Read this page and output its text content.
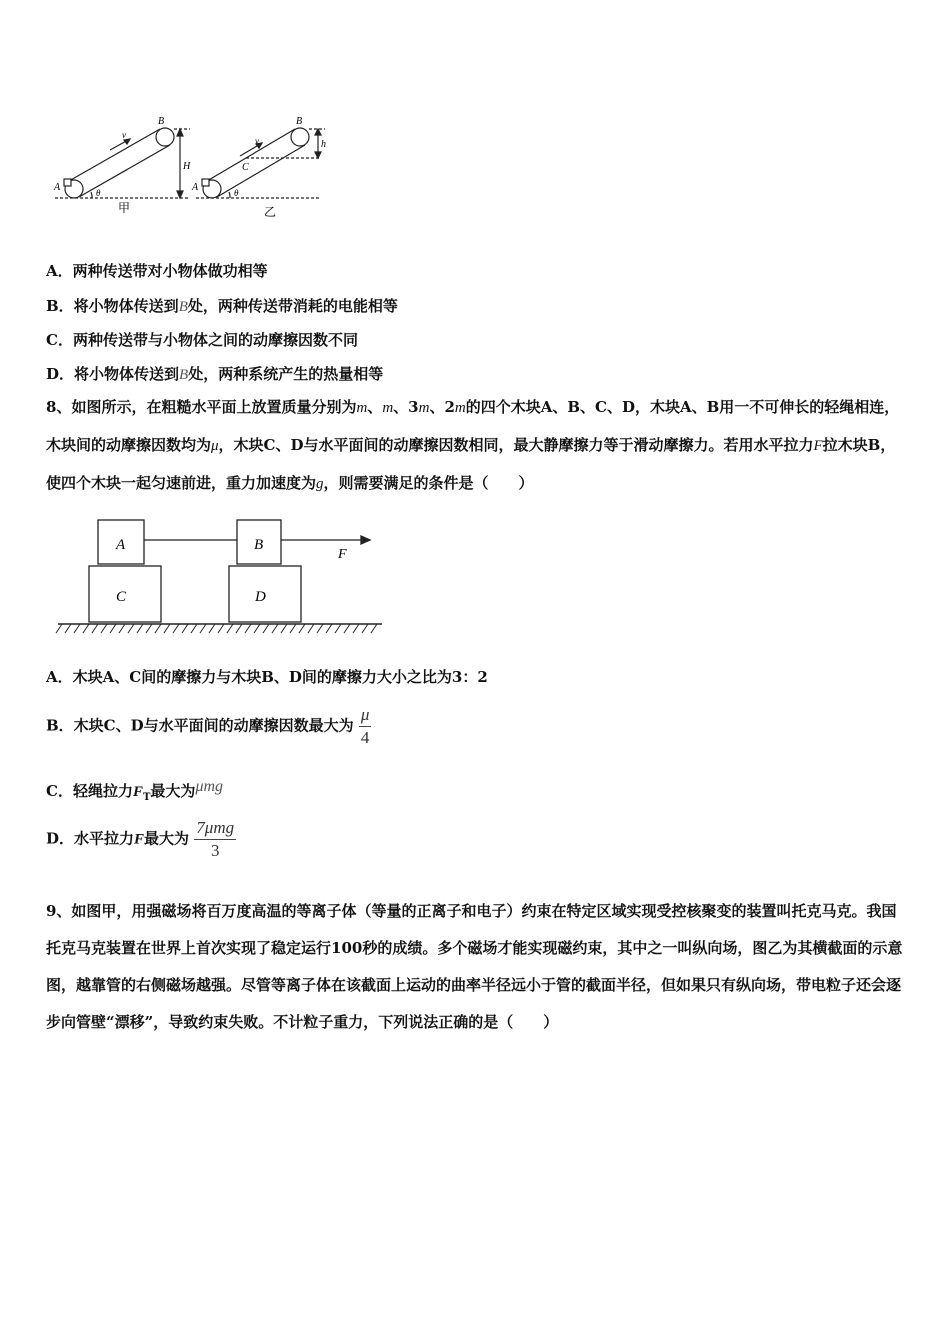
B
A
v
H
θ
甲
B
A
C
v	h
θ
乙
A．两种传送带对小物体做功相等
B．将小物体传送到B处，两种传送带消耗的电能相等
C．两种传送带与小物体之间的动摩擦因数不同
D．将小物体传送到B处，两种系统产生的热量相等
8、如图所示，在粗糙水平面上放置质量分别为m、m、3m、2m的四个木块A、B、C、D，木块A、B用一不可伸长的轻绳相连，木块间的动摩擦因数均为μ，木块C、D与水平面间的动摩擦因数相同，最大静摩擦力等于滑动摩擦力。若用水平拉力F拉木块B，使四个木块一起匀速前进，重力加速度为g，则需要满足的条件是（　　）
A	B
C	D
F
A．木块A、C间的摩擦力与木块B、D间的摩擦力大小之比为3：2
B．木块C、D与水平面间的动摩擦因数最大为 $\frac{\mu}{4}$
C．轻绳拉力$F_T$最大为μmg
D．水平拉力F最大为 $\frac{\text{7μmg}}{3}$
9、如图甲，用强磁场将百万度高温的等离子体（等量的正离子和电子）约束在特定区域实现受控核聚变的装置叫托克马克。我国托克马克装置在世界上首次实现了稳定运行100秒的成绩。多个磁场才能实现磁约束，其中之一叫纵向场，图乙为其横截面的示意图，越靠管的右侧磁场越强。尽管等离子体在该截面上运动的曲率半径远小于管的截面半径，但如果只有纵向场，带电粒子还会逐步向管壁“漂移”，导致约束失败。不计粒子重力，下列说法正确的是（　　）
